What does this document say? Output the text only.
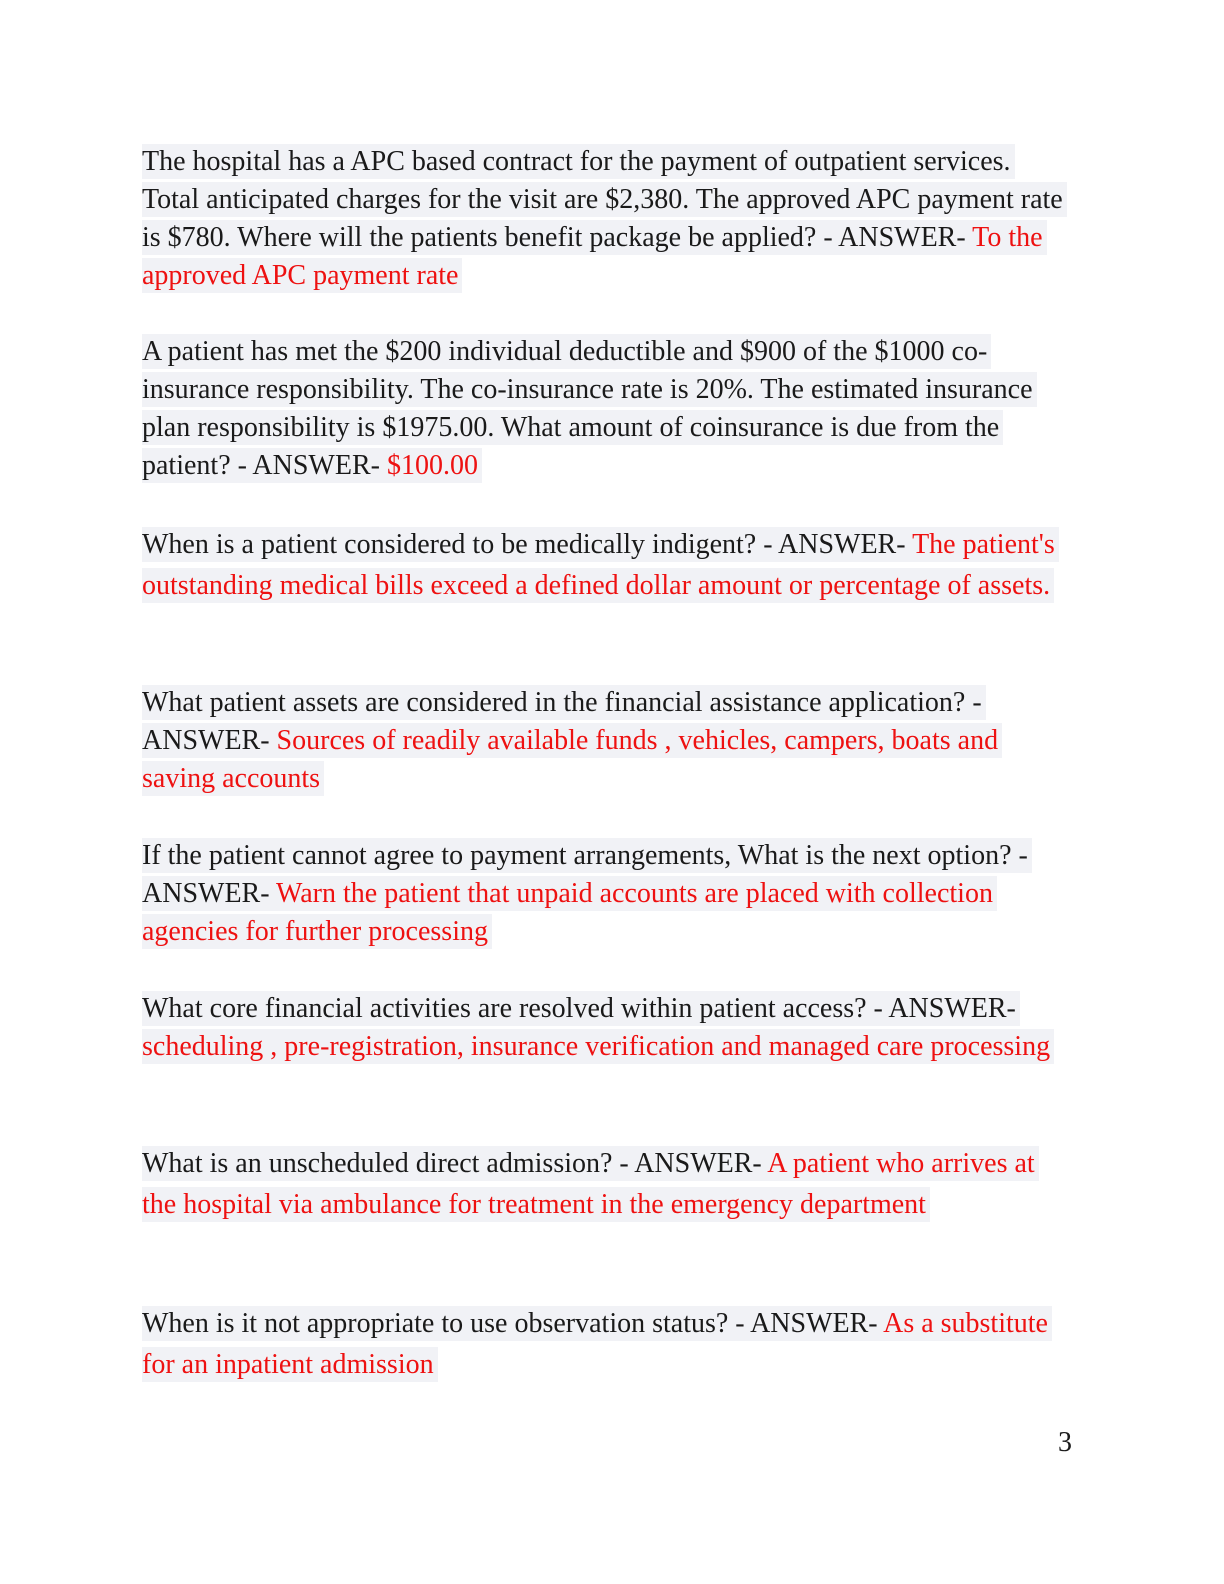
The hospital has a APC based contract for the payment of outpatient services. Total anticipated charges for the visit are $2,380. The approved APC payment rate is $780. Where will the patients benefit package be applied? - ANSWER- To the approved APC payment rate

A patient has met the $200 individual deductible and $900 of the $1000 co-insurance responsibility. The co-insurance rate is 20%. The estimated insurance plan responsibility is $1975.00. What amount of coinsurance is due from the patient? - ANSWER- $100.00

When is a patient considered to be medically indigent? - ANSWER- The patient's outstanding medical bills exceed a defined dollar amount or percentage of assets.

What patient assets are considered in the financial assistance application? - ANSWER- Sources of readily available funds , vehicles, campers, boats and saving accounts

If the patient cannot agree to payment arrangements, What is the next option? - ANSWER- Warn the patient that unpaid accounts are placed with collection agencies for further processing

What core financial activities are resolved within patient access? - ANSWER- scheduling , pre-registration, insurance verification and managed care processing

What is an unscheduled direct admission? - ANSWER- A patient who arrives at the hospital via ambulance for treatment in the emergency department

When is it not appropriate to use observation status? - ANSWER- As a substitute for an inpatient admission

3
